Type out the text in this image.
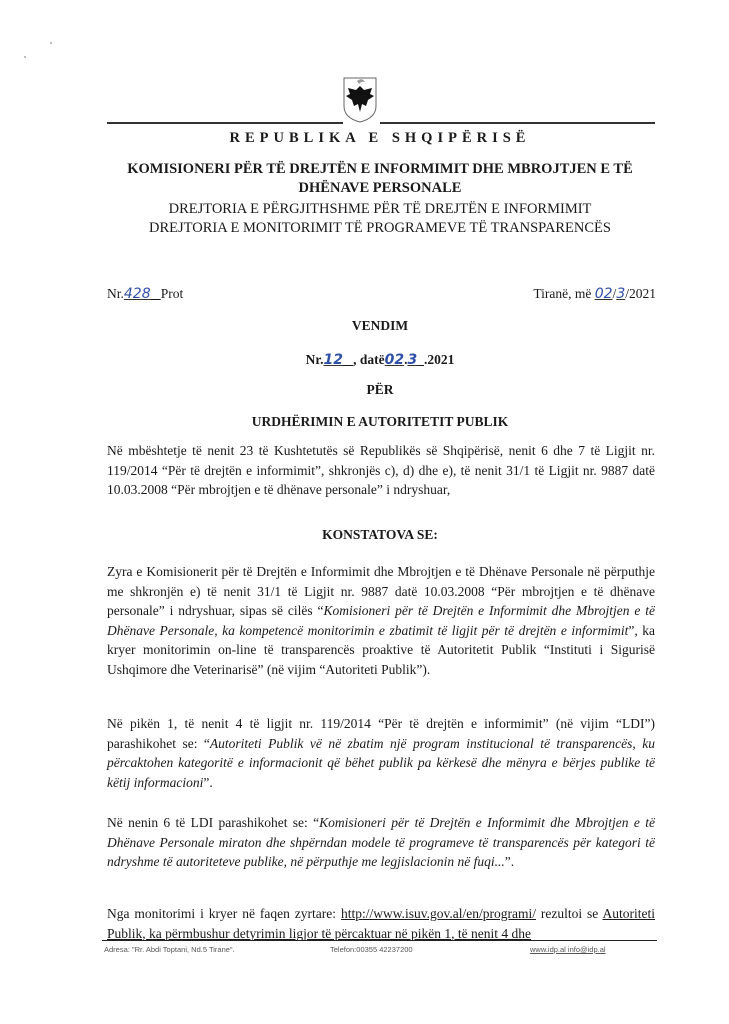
REPUBLIKA E SHQIPËRISË
KOMISIONERI PËR TË DREJTËN E INFORMIMIT DHE MBROJTJEN E TË
DHËNAVE PERSONALE
DREJTORIA E PËRGJITHSHME PËR TË DREJTËN E INFORMIMIT
DREJTORIA E MONITORIMIT TË PROGRAMEVE TË TRANSPARENCËS
Nr.428 Prot	Tiranë, më 02/3/2021
VENDIM
Nr.12 , datë02.3 .2021
PËR
URDHËRIMIN E AUTORITETIT PUBLIK
Në mbështetje të nenit 23 të Kushtetutës së Republikës së Shqipërisë, nenit 6 dhe 7 të Ligjit nr. 119/2014 “Për të drejtën e informimit”, shkronjës c), d) dhe e), të nenit 31/1 të Ligjit nr. 9887 datë 10.03.2008 “Për mbrojtjen e të dhënave personale” i ndryshuar,
KONSTATOVA SE:
Zyra e Komisionerit për të Drejtën e Informimit dhe Mbrojtjen e të Dhënave Personale në përputhje me shkronjën e) të nenit 31/1 të Ligjit nr. 9887 datë 10.03.2008 “Për mbrojtjen e të dhënave personale” i ndryshuar, sipas së cilës “Komisioneri për të Drejtën e Informimit dhe Mbrojtjen e të Dhënave Personale, ka kompetencë monitorimin e zbatimit të ligjit për të drejtën e informimit”, ka kryer monitorimin on-line të transparencës proaktive të Autoritetit Publik “Instituti i Sigurisë Ushqimore dhe Veterinarisë” (në vijim “Autoriteti Publik”).
Në pikën 1, të nenit 4 të ligjit nr. 119/2014 “Për të drejtën e informimit” (në vijim “LDI”) parashikohet se: “Autoriteti Publik vë në zbatim një program institucional të transparencës, ku përcaktohen kategoritë e informacionit që bëhet publik pa kërkesë dhe mënyra e bërjes publike të këtij informacioni”.
Në nenin 6 të LDI parashikohet se: “Komisioneri për të Drejtën e Informimit dhe Mbrojtjen e të Dhënave Personale miraton dhe shpërndan modele të programeve të transparencës për kategori të ndryshme të autoriteteve publike, në përputhje me legjislacionin në fuqi...”.
Nga monitorimi i kryer në faqen zyrtare: http://www.isuv.gov.al/en/programi/ rezultoi se Autoriteti Publik, ka përmbushur detyrimin ligjor të përcaktuar në pikën 1, të nenit 4 dhe
Adresa: "Rr. Abdi Toptani, Nd.5 Tirane".	Telefon:00355 42237200	www.idp.al info@idp.al
